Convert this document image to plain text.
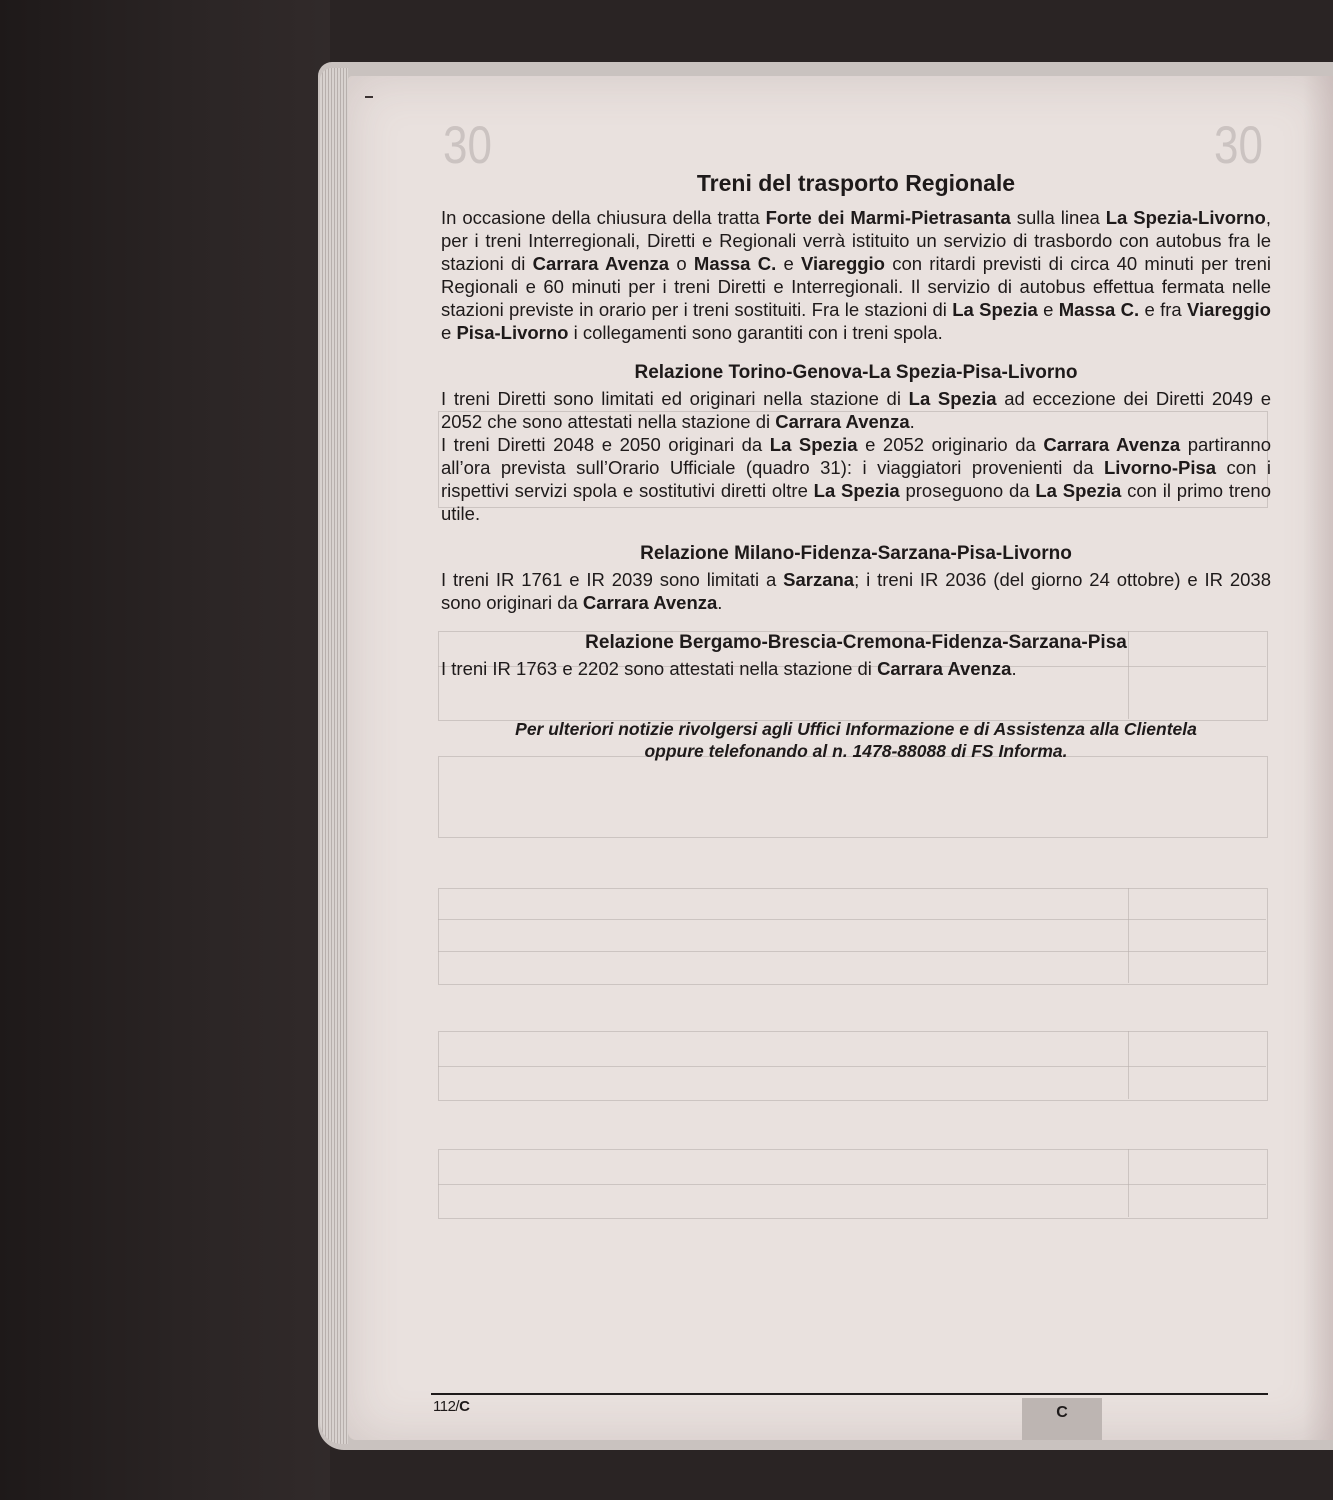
30	30
Treni del trasporto Regionale

In occasione della chiusura della tratta Forte dei Marmi-Pietrasanta sulla linea La Spezia-Livorno, per i treni Interregionali, Diretti e Regionali verrà istituito un servizio di trasbordo con autobus fra le stazioni di Carrara Avenza o Massa C. e Viareggio con ritardi previsti di circa 40 minuti per treni Regionali e 60 minuti per i treni Diretti e Interregionali. Il servizio di autobus effettua fermata nelle stazioni previste in orario per i treni sostituiti. Fra le stazioni di La Spezia e Massa C. e fra Viareggio e Pisa-Livorno i collegamenti sono garantiti con i treni spola.

Relazione Torino-Genova-La Spezia-Pisa-Livorno

I treni Diretti sono limitati ed originari nella stazione di La Spezia ad eccezione dei Diretti 2049 e 2052 che sono attestati nella stazione di Carrara Avenza.

I treni Diretti 2048 e 2050 originari da La Spezia e 2052 originario da Carrara Avenza partiranno all’ora prevista sull’Orario Ufficiale (quadro 31): i viaggiatori provenienti da Livorno-Pisa con i rispettivi servizi spola e sostitutivi diretti oltre La Spezia proseguono da La Spezia con il primo treno utile.

Relazione Milano-Fidenza-Sarzana-Pisa-Livorno

I treni IR 1761 e IR 2039 sono limitati a Sarzana; i treni IR 2036 (del giorno 24 ottobre) e IR 2038 sono originari da Carrara Avenza.

Relazione Bergamo-Brescia-Cremona-Fidenza-Sarzana-Pisa

I treni IR 1763 e 2202 sono attestati nella stazione di Carrara Avenza.

Per ulteriori notizie rivolgersi agli Uffici Informazione e di Assistenza alla Clientela
oppure telefonando al n. 1478-88088 di FS Informa.
112/C	C
